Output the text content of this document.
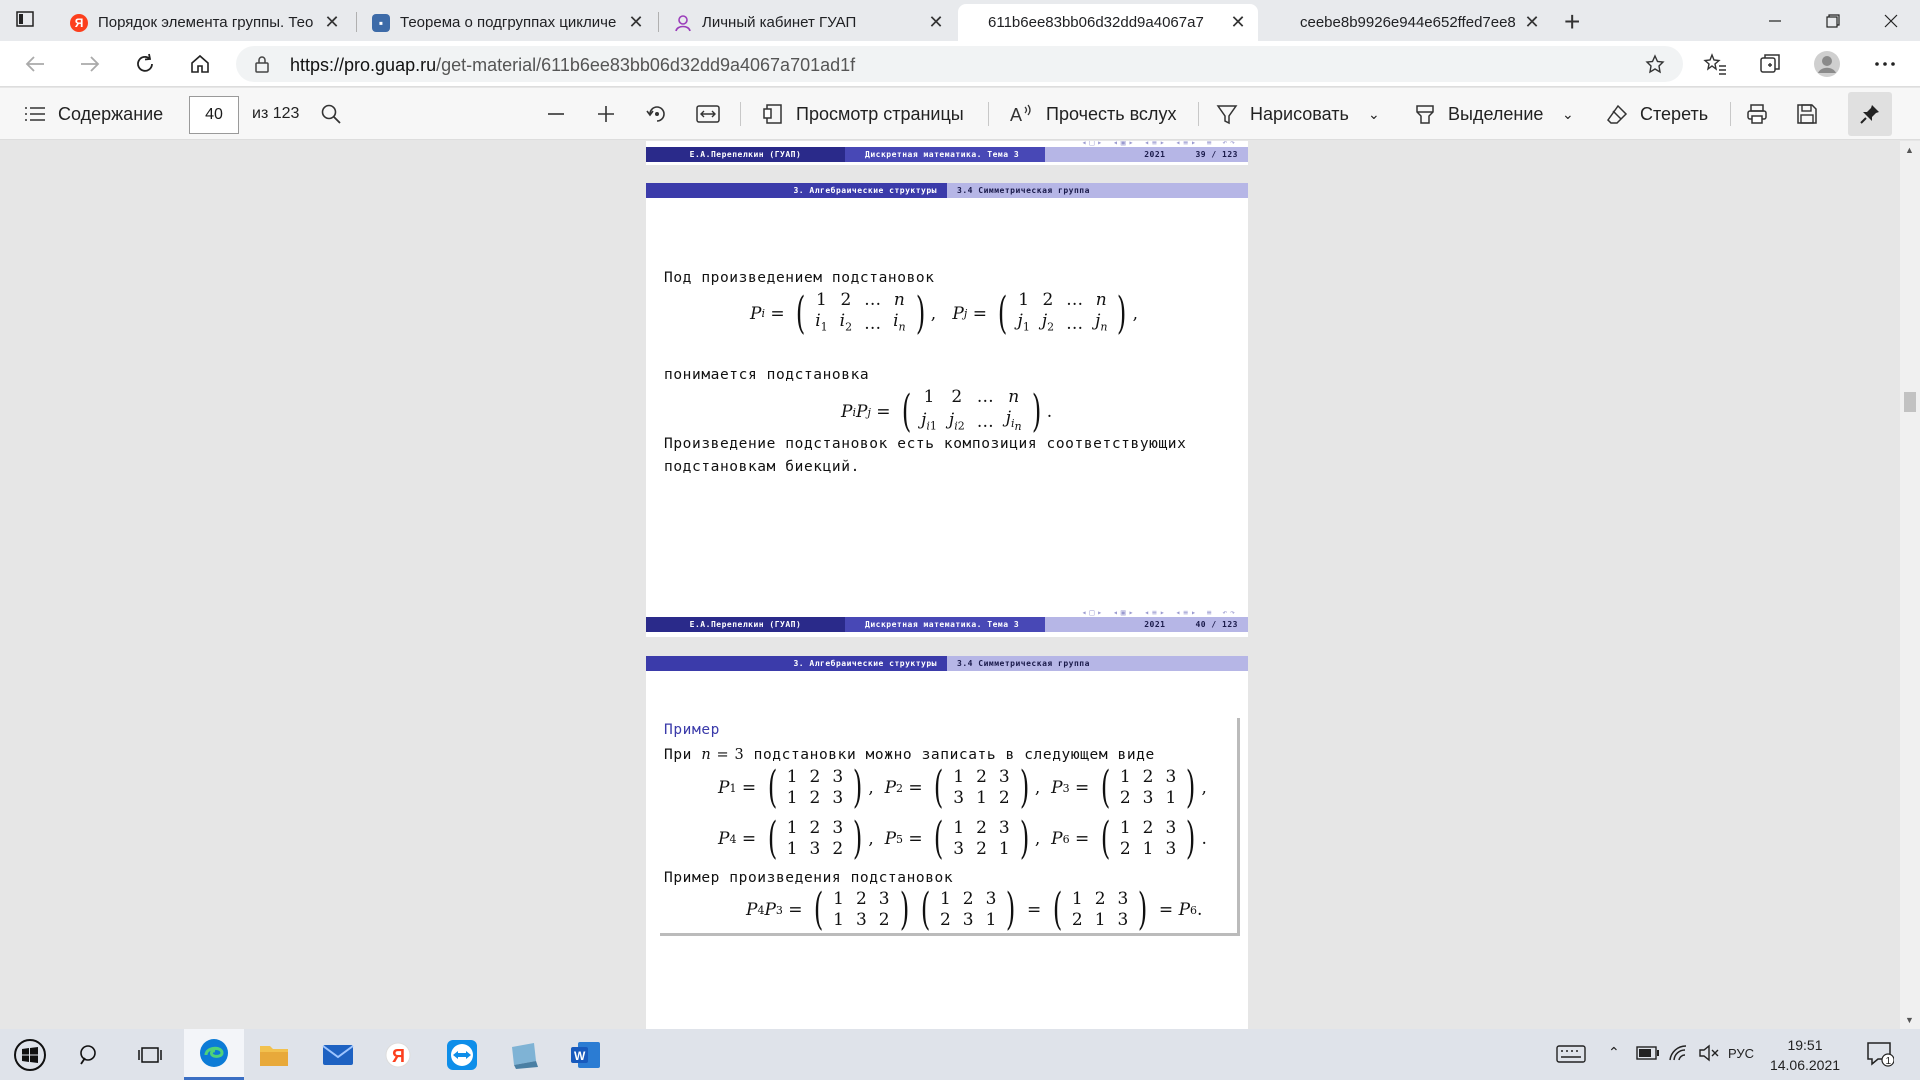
Я Порядок элемента группы. Тео ✕	▪	Теорема о подгруппах цикличе ✕	Личный кабинет ГУАП	✕	611b6ee83bb06d32dd9a4067a7	✕	ceebe8b9926e944e652ffed7ee8 ✕ +
https://pro.guap.ru/get-material/611b6ee83bb06d32dd9a4067a701ad1f
Содержание	40	из 123	Просмотр страницы	A Прочесть вслух	Нарисовать ⌄	Выделение ⌄	Стереть
◂□▸ ◂▣▸ ◂≡▸ ◂≡▸ ≡ ↶↷
Е.А.Перепелкин (ГУАП)	Дискретная математика. Тема 3	2021	39 / 123
3. Алгебраические структуры	3.4 Симметрическая группа
Под произведением подстановок
P i = ( 1	2	…	n
$i_1$	$i_2$	…	$i_n$ ) , P j = ( 1	2	…	n
$j_1$	$j_2$	…	$j_n$ ) ,
понимается подстановка
P i P j = ( 1	2	…	n
$j_{i1}$	$j_{i2}$	…	$j_{i_n}$ ) .
Произведение подстановок есть композиция соответствующих
подстановкам биекций.
◂□▸ ◂▣▸ ◂≡▸ ◂≡▸ ≡ ↶↷
Е.А.Перепелкин (ГУАП)	Дискретная математика. Тема 3	2021	40 / 123
3. Алгебраические структуры	3.4 Симметрическая группа
Пример
При n = 3 подстановки можно записать в следующем виде
P 1 = ( 1	2	3
1	2	3 ) , P 2 = ( 1	2	3
3	1	2 ) , P 3 = ( 1	2	3
2	3	1 ) ,
P 4 = ( 1	2	3
1	3	2 ) , P 5 = ( 1	2	3
3	2	1 ) , P 6 = ( 1	2	3
2	1	3 ) .
Пример произведения подстановок
P 4 P 3 = ( 1	2	3
1	3	2 ) ( 1	2	3
2	3	1 ) = ( 1	2	3
2	1	3 ) = P 6 .
▲
▼
Я	W	⌃	РУС
19:51
14.06.2021	1
